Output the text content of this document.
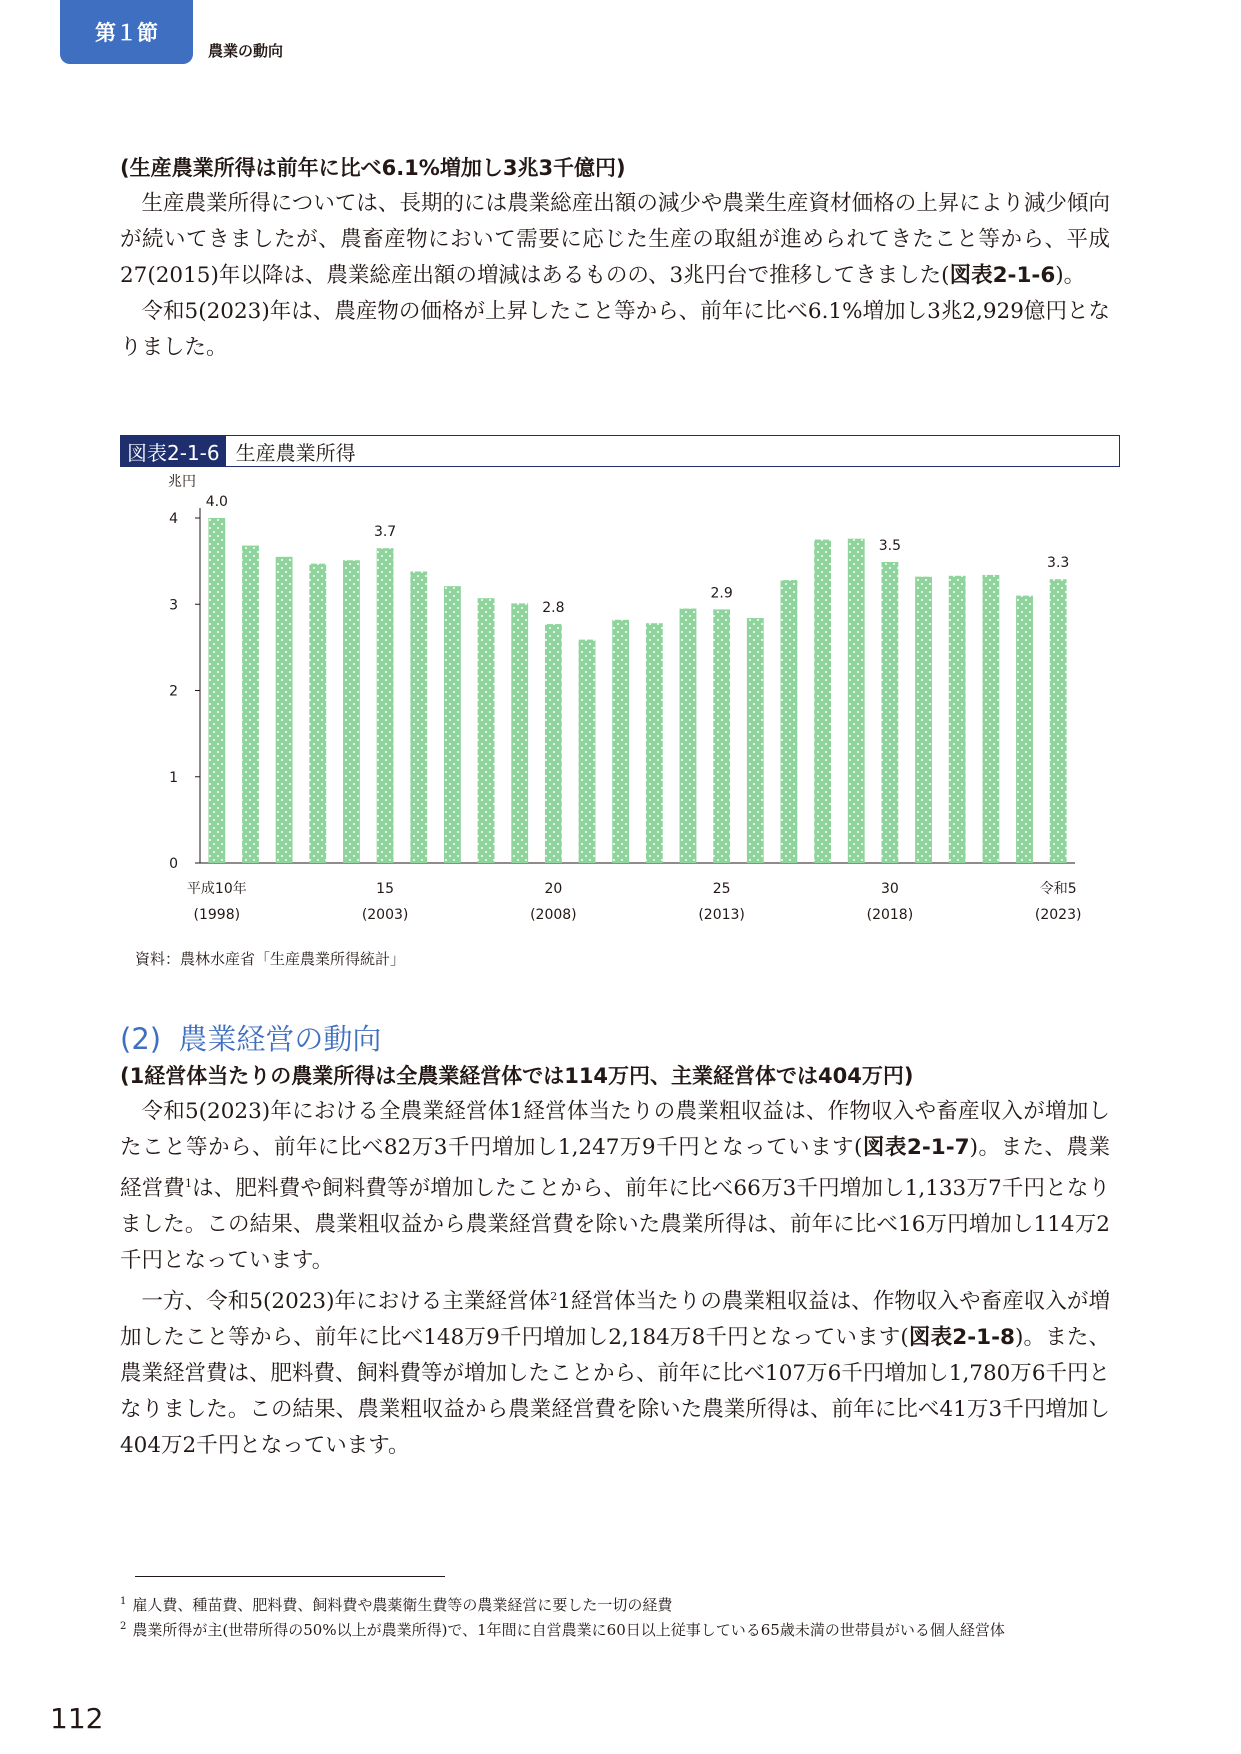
第１節
農業の動向
(生産農業所得は前年に比べ6.1%増加し3兆3千億円)

生産農業所得については、長期的には農業総産出額の減少や農業生産資材価格の上昇により減少傾向が続いてきましたが、農畜産物において需要に応じた生産の取組が進められてきたこと等から、平成27(2015)年以降は、農業総産出額の増減はあるものの、3兆円台で推移してきました(図表2-1-6)。

令和5(2023)年は、農産物の価格が上昇したこと等から、前年に比べ6.1%増加し3兆2,929億円となりました。

図表2-1-6 生産農業所得
兆円
0
1
2
3
4
4.0
3.7
2.8
2.9
3.5
3.3
平成10年
(1998)
15
(2003)
20
(2008)
25
(2013)
30
(2018)
令和5
(2023)
資料：農林水産省「生産農業所得統計」
(2) 農業経営の動向
(1経営体当たりの農業所得は全農業経営体では114万円、主業経営体では404万円)

令和5(2023)年における全農業経営体1経営体当たりの農業粗収益は、作物収入や畜産収入が増加したこと等から、前年に比べ82万3千円増加し1,247万9千円となっています(図表2-1-7)。また、農業経営費$^1$は、肥料費や飼料費等が増加したことから、前年に比べ66万3千円増加し1,133万7千円となりました。この結果、農業粗収益から農業経営費を除いた農業所得は、前年に比べ16万円増加し114万2千円となっています。

一方、令和5(2023)年における主業経営体$^2$1経営体当たりの農業粗収益は、作物収入や畜産収入が増加したこと等から、前年に比べ148万9千円増加し2,184万8千円となっています(図表2-1-8)。また、農業経営費は、肥料費、飼料費等が増加したことから、前年に比べ107万6千円増加し1,780万6千円となりました。この結果、農業粗収益から農業経営費を除いた農業所得は、前年に比べ41万3千円増加し404万2千円となっています。

$^1$ 雇人費、種苗費、肥料費、飼料費や農薬衛生費等の農業経営に要した一切の経費
$^2$ 農業所得が主(世帯所得の50%以上が農業所得)で、1年間に自営農業に60日以上従事している65歳未満の世帯員がいる個人経営体
112
